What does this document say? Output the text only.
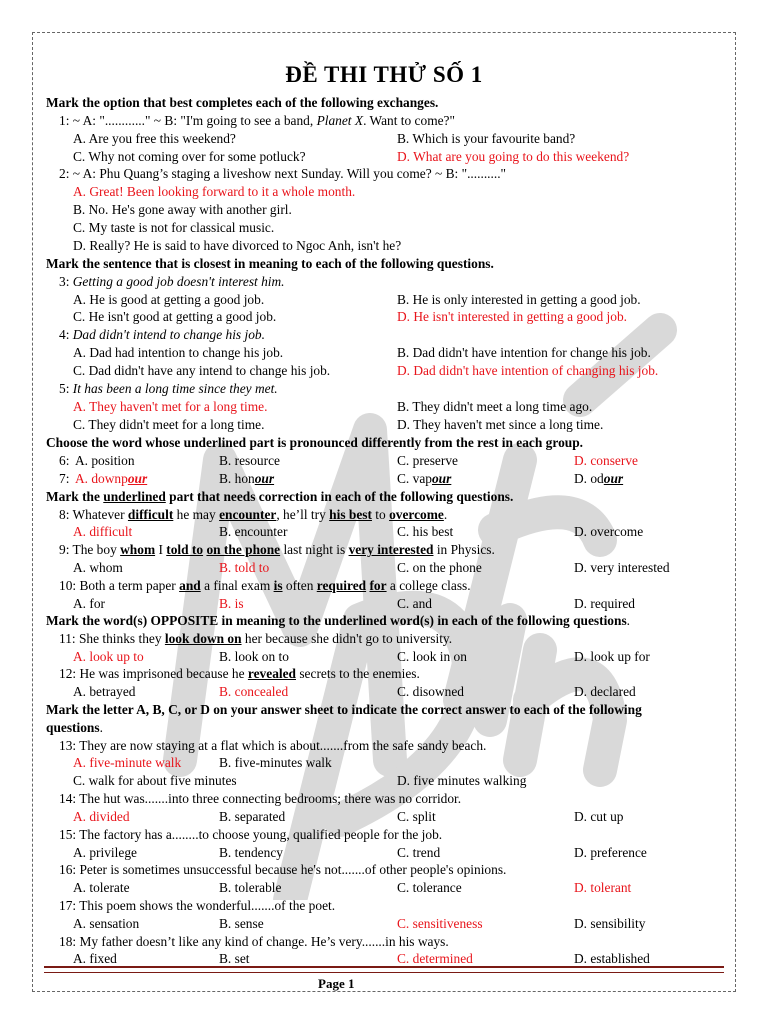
ĐỀ THI THỬ SỐ 1
Mark the option that best completes each of the following exchanges.
1: ~ A: "............" ~ B: "I'm going to see a band, Planet X. Want to come?"
A. Are you free this weekend?	B. Which is your favourite band?
C. Why not coming over for some potluck?	D. What are you going to do this weekend?
2: ~ A: Phu Quang’s staging a liveshow next Sunday. Will you come? ~ B: ".........."
A. Great! Been looking forward to it a whole month.
B. No. He's gone away with another girl.
C. My taste is not for classical music.
D. Really? He is said to have divorced to Ngoc Anh, isn't he?
Mark the sentence that is closest in meaning to each of the following questions.
3: Getting a good job doesn't interest him.
A. He is good at getting a good job.	B. He is only interested in getting a good job.
C. He isn't good at getting a good job.	D. He isn't interested in getting a good job.
4: Dad didn't intend to change his job.
A. Dad had intention to change his job.	B. Dad didn't have intention for change his job.
C. Dad didn't have any intend to change his job.	D. Dad didn't have intention of changing his job.
5: It has been a long time since they met.
A. They haven't met for a long time.	B. They didn't meet a long time ago.
C. They didn't meet for a long time.	D. They haven't met since a long time.
Choose the word whose underlined part is pronounced differently from the rest in each group.
6: A. position	B. resource	C. preserve	D. conserve
7: A. downpour	B. honour	C. vapour	D. odour
Mark the underlined part that needs correction in each of the following questions.
8: Whatever difficult he may encounter, he’ll try his best to overcome.
A. difficult	B. encounter	C. his best	D. overcome
9: The boy whom I told to on the phone last night is very interested in Physics.
A. whom	B. told to	C. on the phone	D. very interested
10: Both a term paper and a final exam is often required for a college class.
A. for	B. is	C. and	D. required
Mark the word(s) OPPOSITE in meaning to the underlined word(s) in each of the following questions.
11: She thinks they look down on her because she didn't go to university.
A. look up to	B. look on to	C. look in on	D. look up for
12: He was imprisoned because he revealed secrets to the enemies.
A. betrayed	B. concealed	C. disowned	D. declared
Mark the letter A, B, C, or D on your answer sheet to indicate the correct answer to each of the following
questions.
13: They are now staying at a flat which is about.......from the safe sandy beach.
A. five-minute walk	B. five-minutes walk
C. walk for about five minutes	D. five minutes walking
14: The hut was.......into three connecting bedrooms; there was no corridor.
A. divided	B. separated	C. split	D. cut up
15: The factory has a........to choose young, qualified people for the job.
A. privilege	B. tendency	C. trend	D. preference
16: Peter is sometimes unsuccessful because he's not.......of other people's opinions.
A. tolerate	B. tolerable	C. tolerance	D. tolerant
17: This poem shows the wonderful.......of the poet.
A. sensation	B. sense	C. sensitiveness	D. sensibility
18: My father doesn’t like any kind of change. He’s very.......in his ways.
A. fixed	B. set	C. determined	D. established
Page 1
